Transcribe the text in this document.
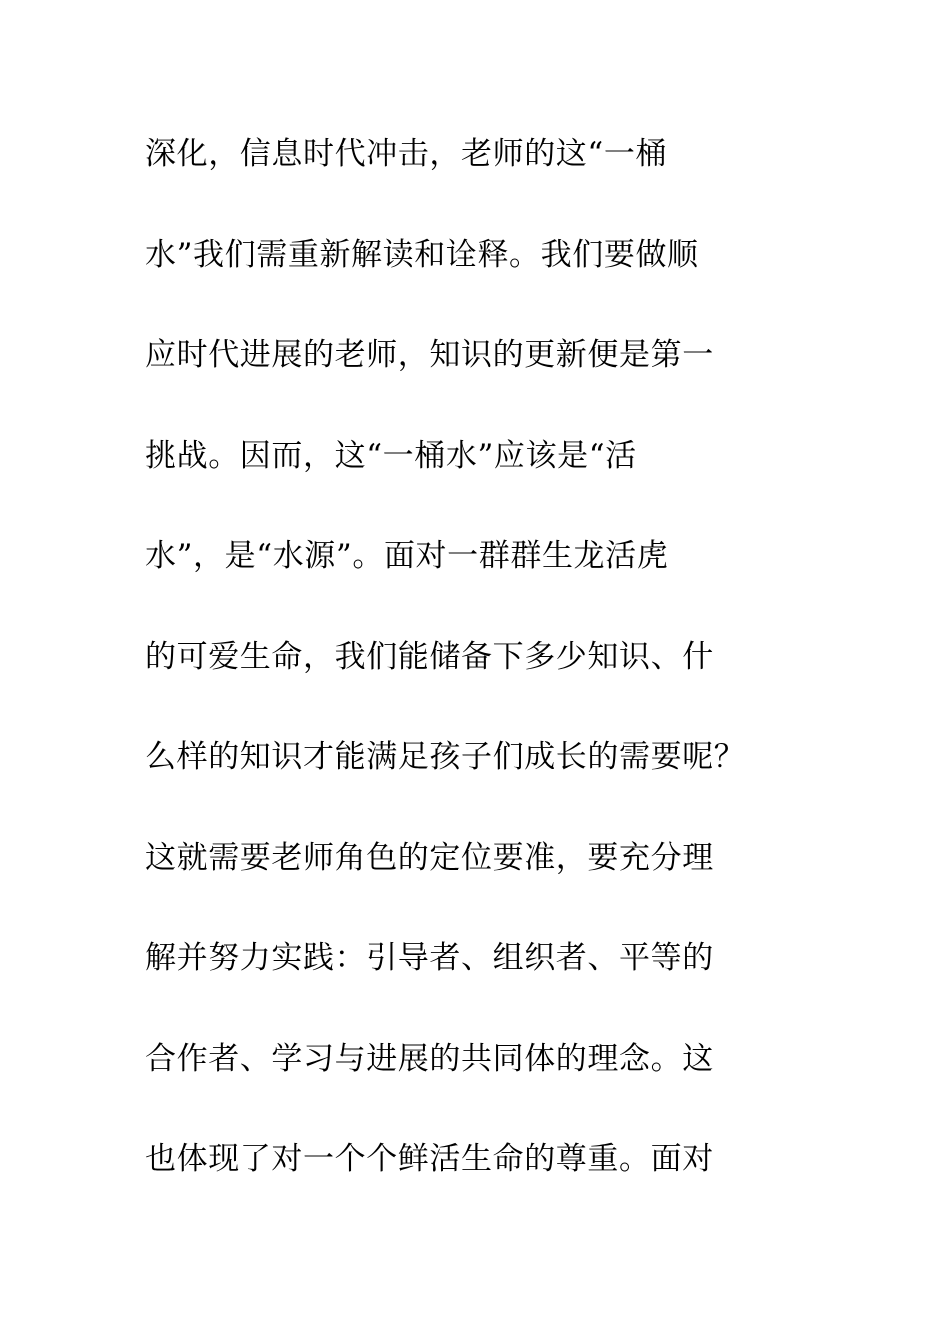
深化，信息时代冲击，老师的这“一桶
水”我们需重新解读和诠释。我们要做顺
应时代进展的老师，知识的更新便是第一
挑战。因而，这“一桶水”应该是“活
水”，是“水源”。面对一群群生龙活虎
的可爱生命，我们能储备下多少知识、什
么样的知识才能满足孩子们成长的需要呢？
这就需要老师角色的定位要准，要充分理
解并努力实践：引导者、组织者、平等的
合作者、学习与进展的共同体的理念。这
也体现了对一个个鲜活生命的尊重。面对
